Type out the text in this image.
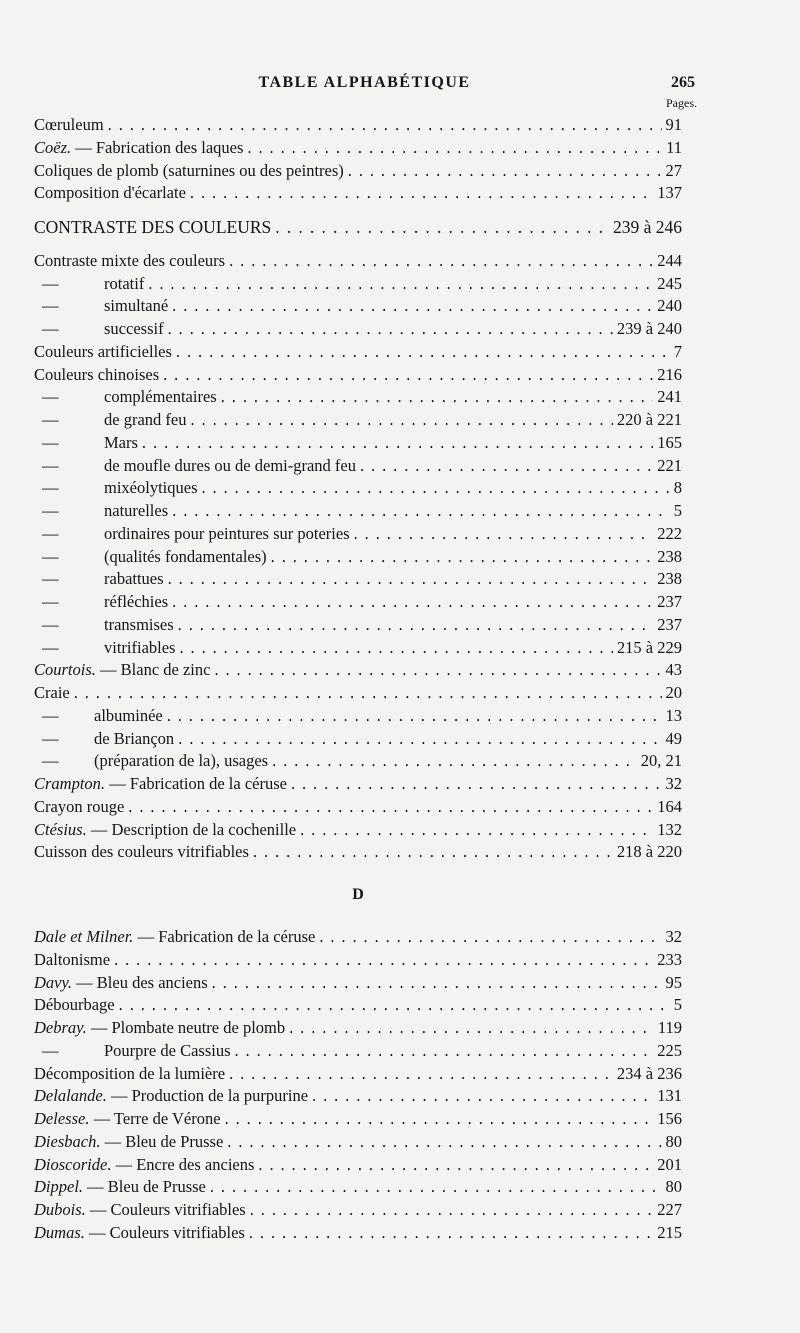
TABLE ALPHABÉTIQUE	265
Pages.
Cœruleum . . .	91
Coëz. — Fabrication des laques . . .	11
Coliques de plomb (saturnines ou des peintres) . . .	27
Composition d'écarlate . . .	137
CONTRASTE DES COULEURS . . .	239 à 246
Contraste mixte des couleurs . . .	244
—	rotatif . . .	245
—	simultané . . .	240
—	successif . . .	239 à 240
Couleurs artificielles . . .	7
Couleurs chinoises . . .	216
—	complémentaires . . .	241
—	de grand feu . . .	220 à 221
—	Mars . . .	165
—	de moufle dures ou de demi-grand feu . . .	221
—	mixéolytiques . . .	8
—	naturelles . . .	5
—	ordinaires pour peintures sur poteries . . .	222
—	(qualités fondamentales) . . .	238
—	rabattues . . .	238
—	réfléchies . . .	237
—	transmises . . .	237
—	vitrifiables . . .	215 à 229
Courtois. — Blanc de zinc . . .	43
Craie . . .	20
— albuminée . . .	13
— de Briançon . . .	49
— (préparation de la), usages . . .	20, 21
Crampton. — Fabrication de la céruse . . .	32
Crayon rouge . . .	164
Ctésius. — Description de la cochenille . . .	132
Cuisson des couleurs vitrifiables . . .	218 à 220
D
Dale et Milner. — Fabrication de la céruse . . .	32
Daltonisme . . .	233
Davy. — Bleu des anciens . . .	95
Débourbage . . .	5
Debray. — Plombate neutre de plomb . . .	119
—	Pourpre de Cassius . . .	225
Décomposition de la lumière . . .	234 à 236
Delalande. — Production de la purpurine . . .	131
Delesse. — Terre de Vérone . . .	156
Diesbach. — Bleu de Prusse . . .	80
Dioscoride. — Encre des anciens . . .	201
Dippel. — Bleu de Prusse . . .	80
Dubois. — Couleurs vitrifiables . . .	227
Dumas. — Couleurs vitrifiables . . .	215
